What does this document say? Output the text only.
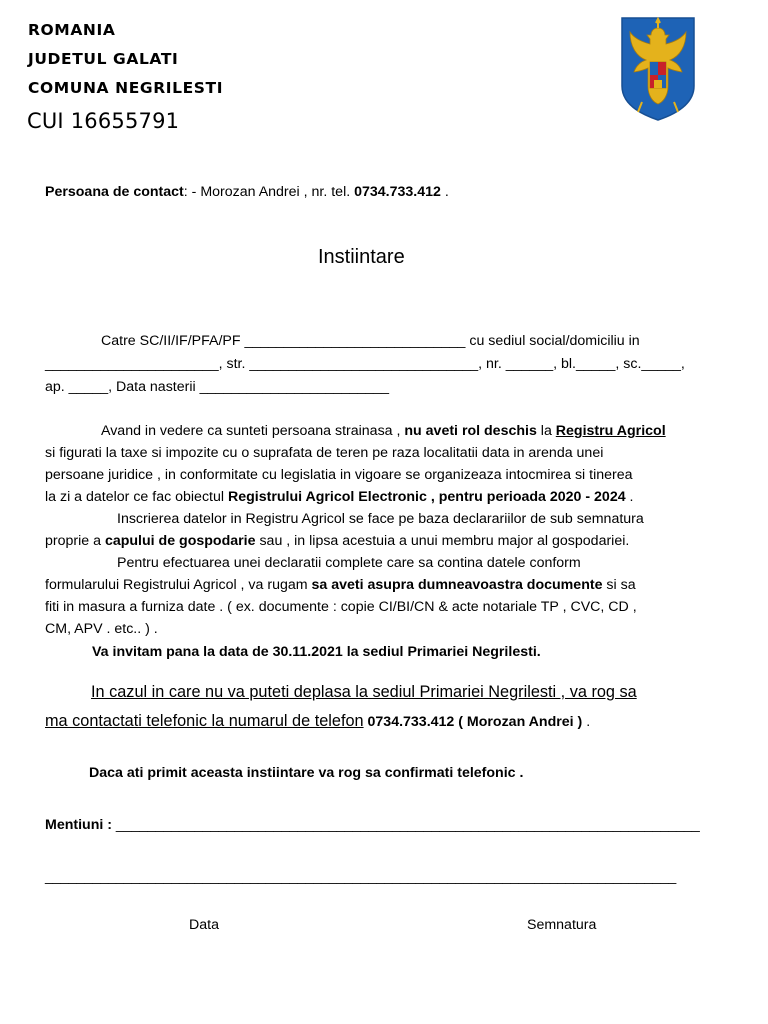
ROMANIA
JUDETUL GALATI
COMUNA NEGRILESTI
CUI 16655791
Persoana de contact: - Morozan Andrei , nr. tel. 0734.733.412 .
Instiintare
Catre SC/II/IF/PFA/PF ____________________________ cu sediul social/domiciliu in
______________________, str. _____________________________, nr. ______, bl._____, sc._____,
ap. _____, Data nasterii ________________________
Avand in vedere ca sunteti persoana strainasa , nu aveti rol deschis la Registru Agricol
si figurati la taxe si impozite cu o suprafata de teren pe raza localitatii data in arenda unei
persoane juridice , in conformitate cu legislatia in vigoare se organizeaza intocmirea si tinerea
la zi a datelor ce fac obiectul Registrului Agricol Electronic , pentru perioada 2020 - 2024 .
Inscrierea datelor in Registru Agricol se face pe baza declarariilor de sub semnatura
proprie a capului de gospodarie sau , in lipsa acestuia a unui membru major al gospodariei.
Pentru efectuarea unei declaratii complete care sa contina datele conform
formularului Registrului Agricol , va rugam sa aveti asupra dumneavoastra documente si sa
fiti in masura a furniza date . ( ex. documente : copie CI/BI/CN & acte notariale TP , CVC, CD ,
CM, APV . etc.. ) .
Va invitam pana la data de 30.11.2021 la sediul Primariei Negrilesti.
In cazul in care nu va puteti deplasa la sediul Primariei Negrilesti , va rog sa
ma contactati telefonic la numarul de telefon 0734.733.412 ( Morozan Andrei ) .
Daca ati primit aceasta instiintare va rog sa confirmati telefonic .
Mentiuni : __________________________________________________________________________
________________________________________________________________________________
Data	Semnatura
